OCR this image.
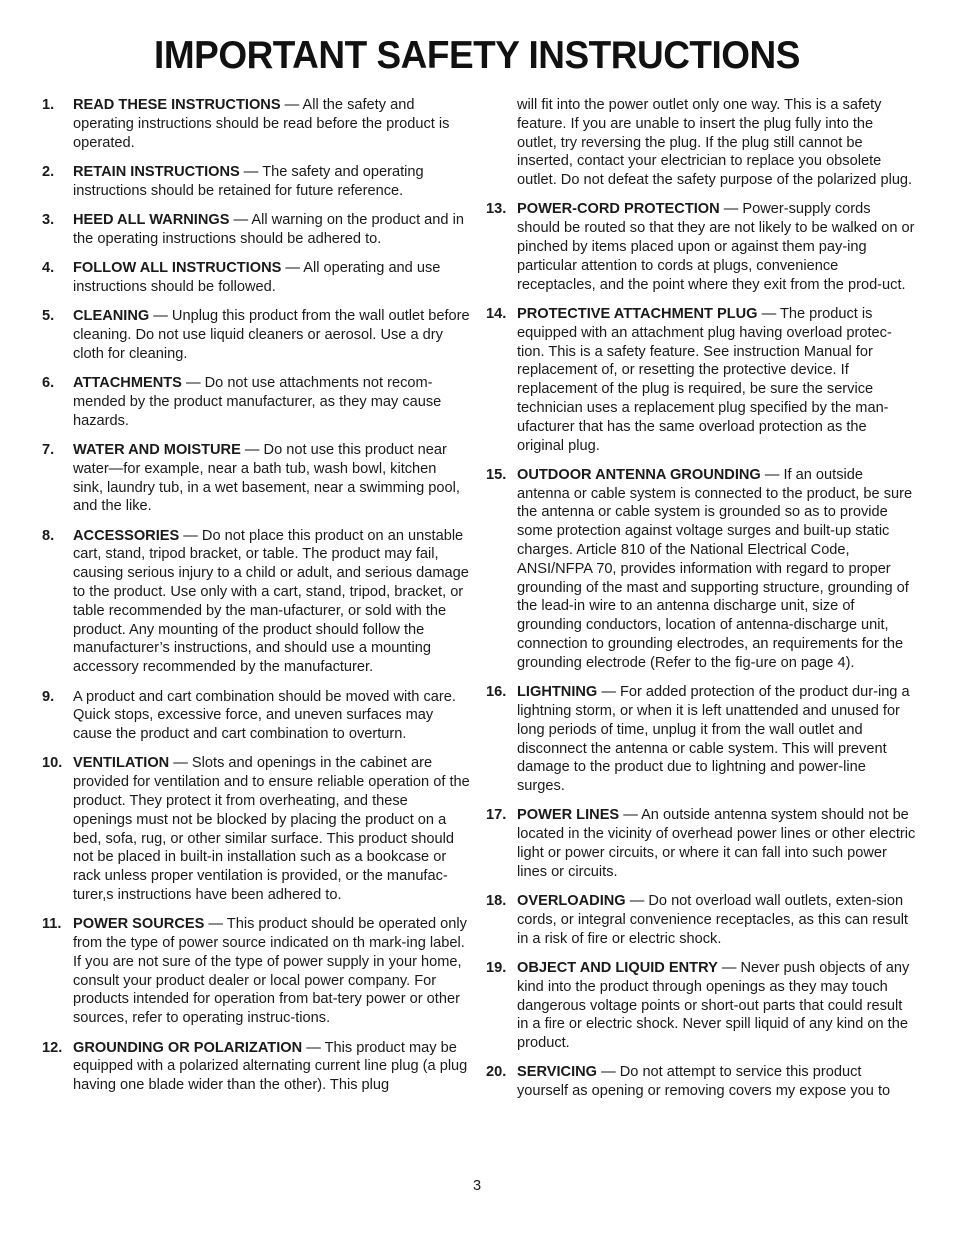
IMPORTANT SAFETY INSTRUCTIONS
1.	READ THESE INSTRUCTIONS — All the safety and operating instructions should be read before the product is operated.
2.	RETAIN INSTRUCTIONS — The safety and operating instructions should be retained for future reference.
3.	HEED ALL WARNINGS — All warning on the product and in the operating instructions should be adhered to.
4.	FOLLOW ALL INSTRUCTIONS — All operating and use instructions should be followed.
5.	CLEANING — Unplug this product from the wall outlet before cleaning. Do not use liquid cleaners or aerosol. Use a dry cloth for cleaning.
6.	ATTACHMENTS — Do not use attachments not recom-mended by the product manufacturer, as they may cause hazards.
7.	WATER AND MOISTURE — Do not use this product near water—for example, near a bath tub, wash bowl, kitchen sink, laundry tub, in a wet basement, near a swimming pool, and the like.
8.	ACCESSORIES — Do not place this product on an unstable cart, stand, tripod bracket, or table. The product may fail, causing serious injury to a child or adult, and serious damage to the product. Use only with a cart, stand, tripod, bracket, or table recommended by the man-ufacturer, or sold with the product. Any mounting of the product should follow the manufacturer’s instructions, and should use a mounting accessory recommended by the manufacturer.
9.	A product and cart combination should be moved with care. Quick stops, excessive force, and uneven surfaces may cause the product and cart combination to overturn.
10. VENTILATION — Slots and openings in the cabinet are provided for ventilation and to ensure reliable operation of the product. They protect it from overheating, and these openings must not be blocked by placing the product on a bed, sofa, rug, or other similar surface. This product should not be placed in built-in installation such as a bookcase or rack unless proper ventilation is provided, or the manufac-turer,s instructions have been adhered to.
11. POWER SOURCES — This product should be operated only from the type of power source indicated on th mark-ing label. If you are not sure of the type of power supply in your home, consult your product dealer or local power company. For products intended for operation from bat-tery power or other sources, refer to operating instruc-tions.
12. GROUNDING OR POLARIZATION — This product may be equipped with a polarized alternating current line plug (a plug having one blade wider than the other). This plug
will fit into the power outlet only one way. This is a safety feature. If you are unable to insert the plug fully into the outlet, try reversing the plug. If the plug still cannot be inserted, contact your electrician to replace you obsolete outlet. Do not defeat the safety purpose of the polarized plug.
13. POWER-CORD PROTECTION — Power-supply cords should be routed so that they are not likely to be walked on or pinched by items placed upon or against them pay-ing particular attention to cords at plugs, convenience receptacles, and the point where they exit from the prod-uct.
14. PROTECTIVE ATTACHMENT PLUG — The product is equipped with an attachment plug having overload protec-tion. This is a safety feature. See instruction Manual for replacement of, or resetting the protective device. If replacement of the plug is required, be sure the service technician uses a replacement plug specified by the man-ufacturer that has the same overload protection as the original plug.
15. OUTDOOR ANTENNA GROUNDING — If an outside antenna or cable system is connected to the product, be sure the antenna or cable system is grounded so as to provide some protection against voltage surges and built-up static charges. Article 810 of the National Electrical Code, ANSI/NFPA 70, provides information with regard to proper grounding of the mast and supporting structure, grounding of the lead-in wire to an antenna discharge unit, size of grounding conductors, location of antenna-discharge unit, connection to grounding electrodes, an requirements for the grounding electrode (Refer to the fig-ure on page 4).
16. LIGHTNING — For added protection of the product dur-ing a lightning storm, or when it is left unattended and unused for long periods of time, unplug it from the wall outlet and disconnect the antenna or cable system. This will prevent damage to the product due to lightning and power-line surges.
17. POWER LINES — An outside antenna system should not be located in the vicinity of overhead power lines or other electric light or power circuits, or where it can fall into such power lines or circuits.
18. OVERLOADING — Do not overload wall outlets, exten-sion cords, or integral convenience receptacles, as this can result in a risk of fire or electric shock.
19. OBJECT AND LIQUID ENTRY — Never push objects of any kind into the product through openings as they may touch dangerous voltage points or short-out parts that could result in a fire or electric shock. Never spill liquid of any kind on the product.
20. SERVICING — Do not attempt to service this product yourself as opening or removing covers my expose you to
3
